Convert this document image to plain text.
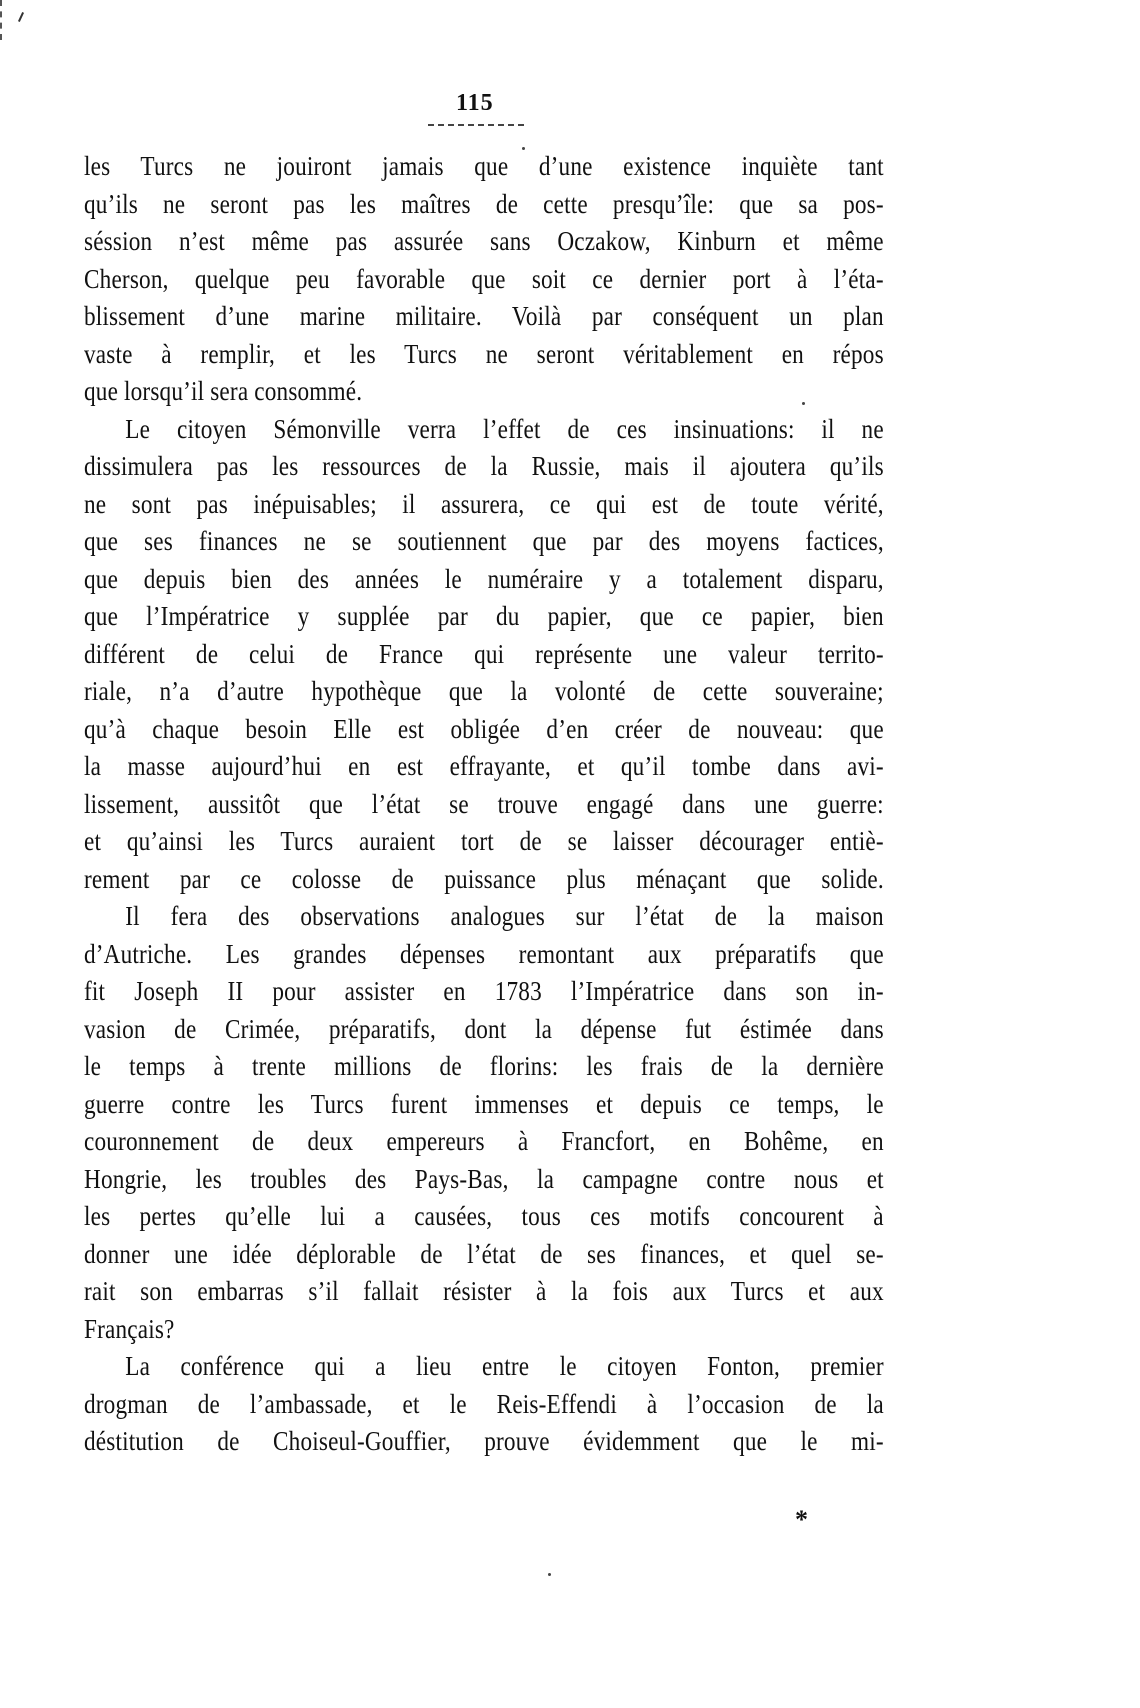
115
les Turcs ne jouiront jamais que d’une existence inquiète tant
qu’ils ne seront pas les maîtres de cette presqu’île: que sa pos-
séssion n’est même pas assurée sans Oczakow, Kinburn et même
Cherson, quelque peu favorable que soit ce dernier port à l’éta-
blissement d’une marine militaire. Voilà par conséquent un plan
vaste à remplir, et les Turcs ne seront véritablement en répos
que lorsqu’il sera consommé.
Le citoyen Sémonville verra l’effet de ces insinuations: il ne
dissimulera pas les ressources de la Russie, mais il ajoutera qu’ils
ne sont pas inépuisables; il assurera, ce qui est de toute vérité,
que ses finances ne se soutiennent que par des moyens factices,
que depuis bien des années le numéraire y a totalement disparu,
que l’Impératrice y supplée par du papier, que ce papier, bien
différent de celui de France qui représente une valeur territo-
riale, n’a d’autre hypothèque que la volonté de cette souveraine;
qu’à chaque besoin Elle est obligée d’en créer de nouveau: que
la masse aujourd’hui en est effrayante, et qu’il tombe dans avi-
lissement, aussitôt que l’état se trouve engagé dans une guerre:
et qu’ainsi les Turcs auraient tort de se laisser décourager entiè-
rement par ce colosse de puissance plus ménaçant que solide.
Il fera des observations analogues sur l’état de la maison
d’Autriche. Les grandes dépenses remontant aux préparatifs que
fit Joseph II pour assister en 1783 l’Impératrice dans son in-
vasion de Crimée, préparatifs, dont la dépense fut éstimée dans
le temps à trente millions de florins: les frais de la dernière
guerre contre les Turcs furent immenses et depuis ce temps, le
couronnement de deux empereurs à Francfort, en Bohême, en
Hongrie, les troubles des Pays-Bas, la campagne contre nous et
les pertes qu’elle lui a causées, tous ces motifs concourent à
donner une idée déplorable de l’état de ses finances, et quel se-
rait son embarras s’il fallait résister à la fois aux Turcs et aux
Français?
La conférence qui a lieu entre le citoyen Fonton, premier
drogman de l’ambassade, et le Reis-Effendi à l’occasion de la
déstitution de Choiseul-Gouffier, prouve évidemment que le mi-
*
